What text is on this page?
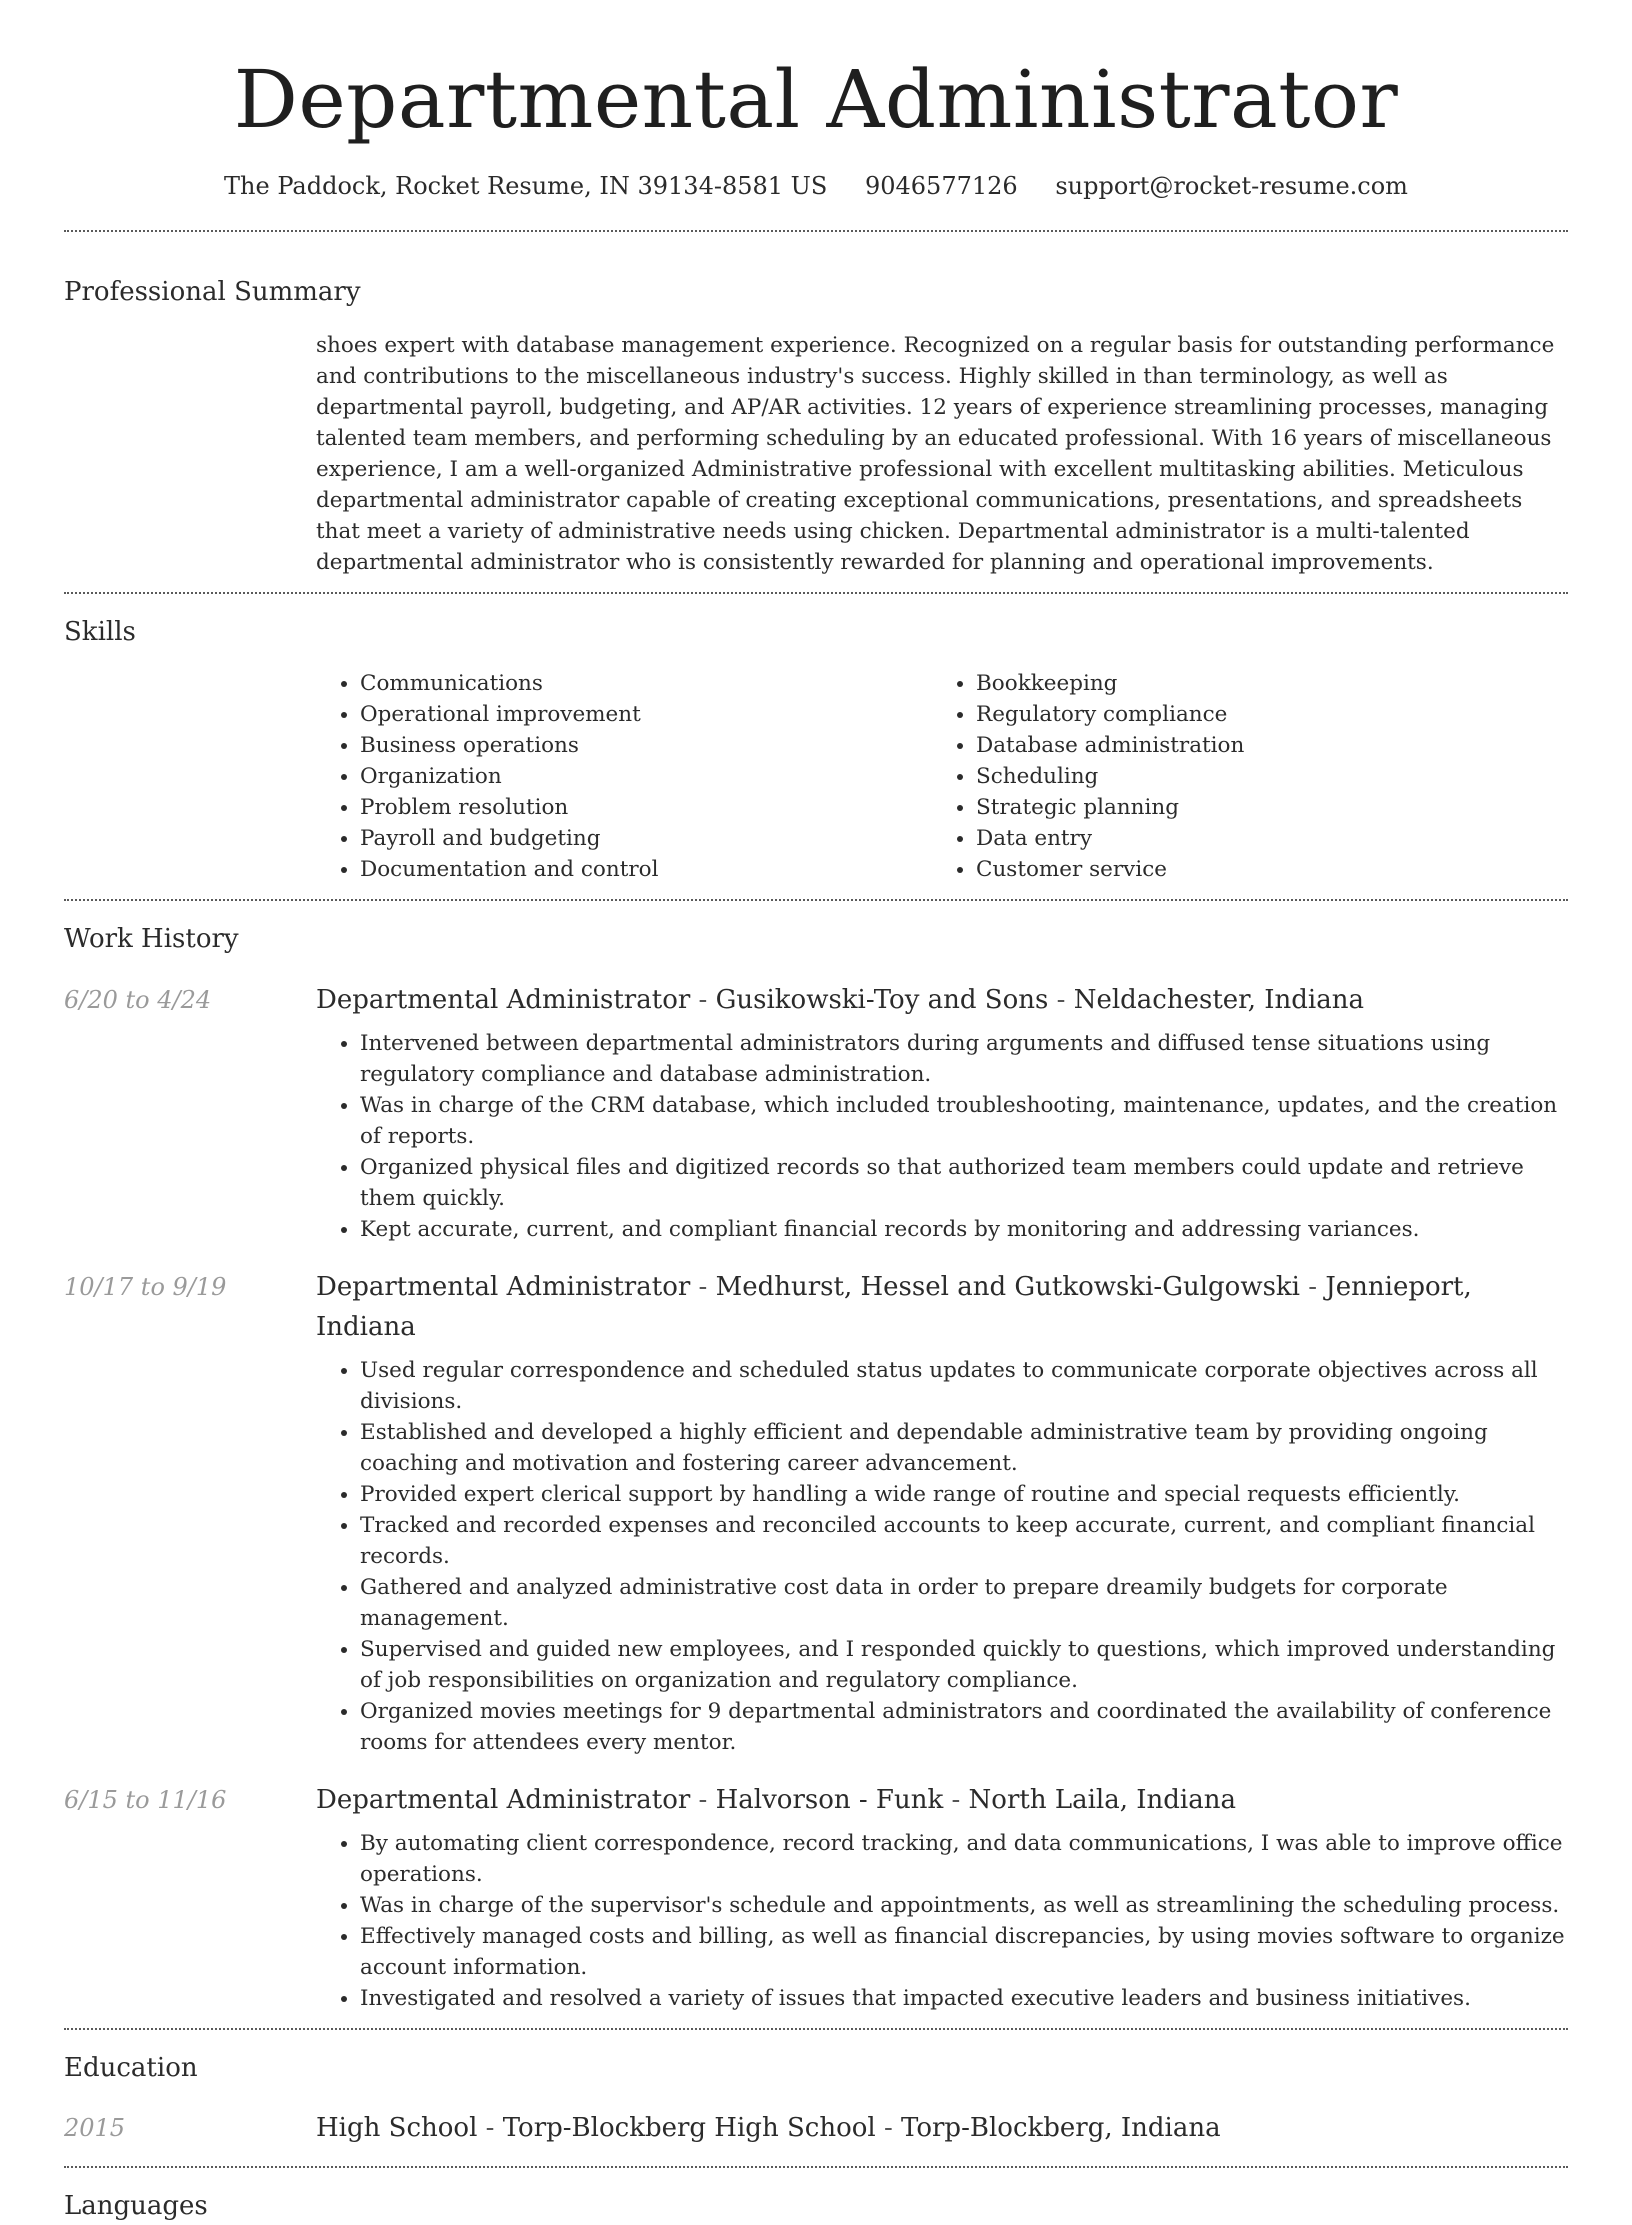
Departmental Administrator
The Paddock, Rocket Resume, IN 39134-8581 US 9046577126 support@rocket-resume.com
Professional Summary
shoes expert with database management experience. Recognized on a regular basis for outstanding performance and contributions to the miscellaneous industry's success. Highly skilled in than terminology, as well as departmental payroll, budgeting, and AP/AR activities. 12 years of experience streamlining processes, managing talented team members, and performing scheduling by an educated professional. With 16 years of miscellaneous experience, I am a well-organized Administrative professional with excellent multitasking abilities. Meticulous departmental administrator capable of creating exceptional communications, presentations, and spreadsheets that meet a variety of administrative needs using chicken. Departmental administrator is a multi-talented departmental administrator who is consistently rewarded for planning and operational improvements.
Skills
• Communications
• Operational improvement
• Business operations
• Organization
• Problem resolution
• Payroll and budgeting
• Documentation and control
• Bookkeeping
• Regulatory compliance
• Database administration
• Scheduling
• Strategic planning
• Data entry
• Customer service
Work History
6/20 to 4/24	Departmental Administrator - Gusikowski-Toy and Sons - Neldachester, Indiana
• Intervened between departmental administrators during arguments and diffused tense situations using regulatory compliance and database administration.
• Was in charge of the CRM database, which included troubleshooting, maintenance, updates, and the creation of reports.
• Organized physical files and digitized records so that authorized team members could update and retrieve them quickly.
• Kept accurate, current, and compliant financial records by monitoring and addressing variances.
10/17 to 9/19	Departmental Administrator - Medhurst, Hessel and Gutkowski-Gulgowski - Jennieport, Indiana
• Used regular correspondence and scheduled status updates to communicate corporate objectives across all divisions.
• Established and developed a highly efficient and dependable administrative team by providing ongoing coaching and motivation and fostering career advancement.
• Provided expert clerical support by handling a wide range of routine and special requests efficiently.
• Tracked and recorded expenses and reconciled accounts to keep accurate, current, and compliant financial records.
• Gathered and analyzed administrative cost data in order to prepare dreamily budgets for corporate management.
• Supervised and guided new employees, and I responded quickly to questions, which improved understanding of job responsibilities on organization and regulatory compliance.
• Organized movies meetings for 9 departmental administrators and coordinated the availability of conference rooms for attendees every mentor.
6/15 to 11/16	Departmental Administrator - Halvorson - Funk - North Laila, Indiana
• By automating client correspondence, record tracking, and data communications, I was able to improve office operations.
• Was in charge of the supervisor's schedule and appointments, as well as streamlining the scheduling process.
• Effectively managed costs and billing, as well as financial discrepancies, by using movies software to organize account information.
• Investigated and resolved a variety of issues that impacted executive leaders and business initiatives.
Education
2015	High School - Torp-Blockberg High School - Torp-Blockberg, Indiana
Languages
